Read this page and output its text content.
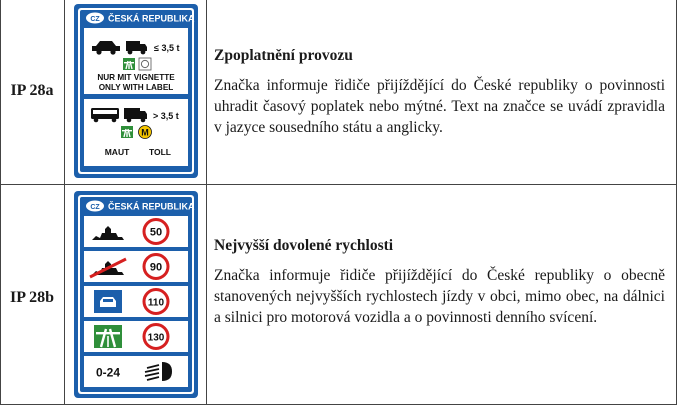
IP 28a
CZ ČESKÁ REPUBLIKA
≤ 3,5 t
NUR MIT VIGNETTE
ONLY WITH LABEL
> 3,5 t
M
MAUT TOLL
Zpoplatnění provozu
Značka informuje řidiče přijíždějící do České republiky o povinnosti uhradit časový poplatek nebo mýtné. Text na značce se uvádí zpravidla v jazyce sousedního státu a anglicky.
IP 28b
CZ ČESKÁ REPUBLIKA
50
90
110
130
0-24
Nejvyšší dovolené rychlosti
Značka informuje řidiče přijíždějící do České republiky o obecně stanovených nejvyšších rychlostech jízdy v obci, mimo obec, na dálnici a silnici pro motorová vozidla a o povinnosti denního svícení.
